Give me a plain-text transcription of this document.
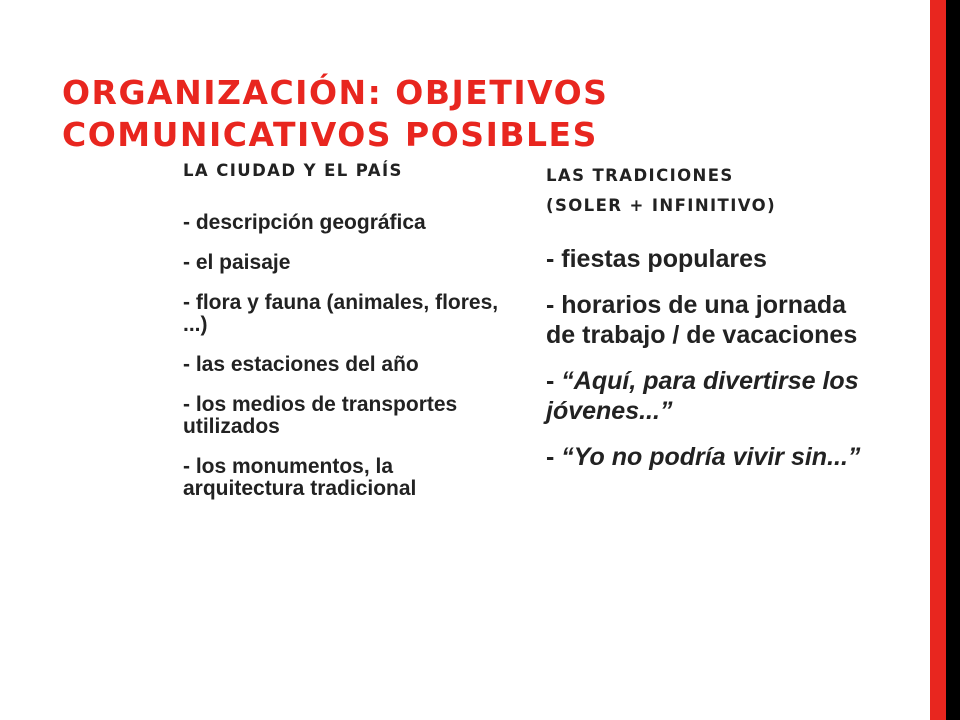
ORGANIZACIÓN: OBJETIVOS
COMUNICATIVOS POSIBLES
LA CIUDAD Y EL PAÍS
- descripción geográfica
- el paisaje
- flora y fauna (animales, flores, ...)
- las estaciones del año
- los medios de transportes utilizados
- los monumentos, la arquitectura tradicional
LAS TRADICIONES
(SOLER + INFINITIVO)
- fiestas populares
- horarios de una jornada de trabajo / de vacaciones
- “Aquí, para divertirse los jóvenes...”
- “Yo no podría vivir sin...”
